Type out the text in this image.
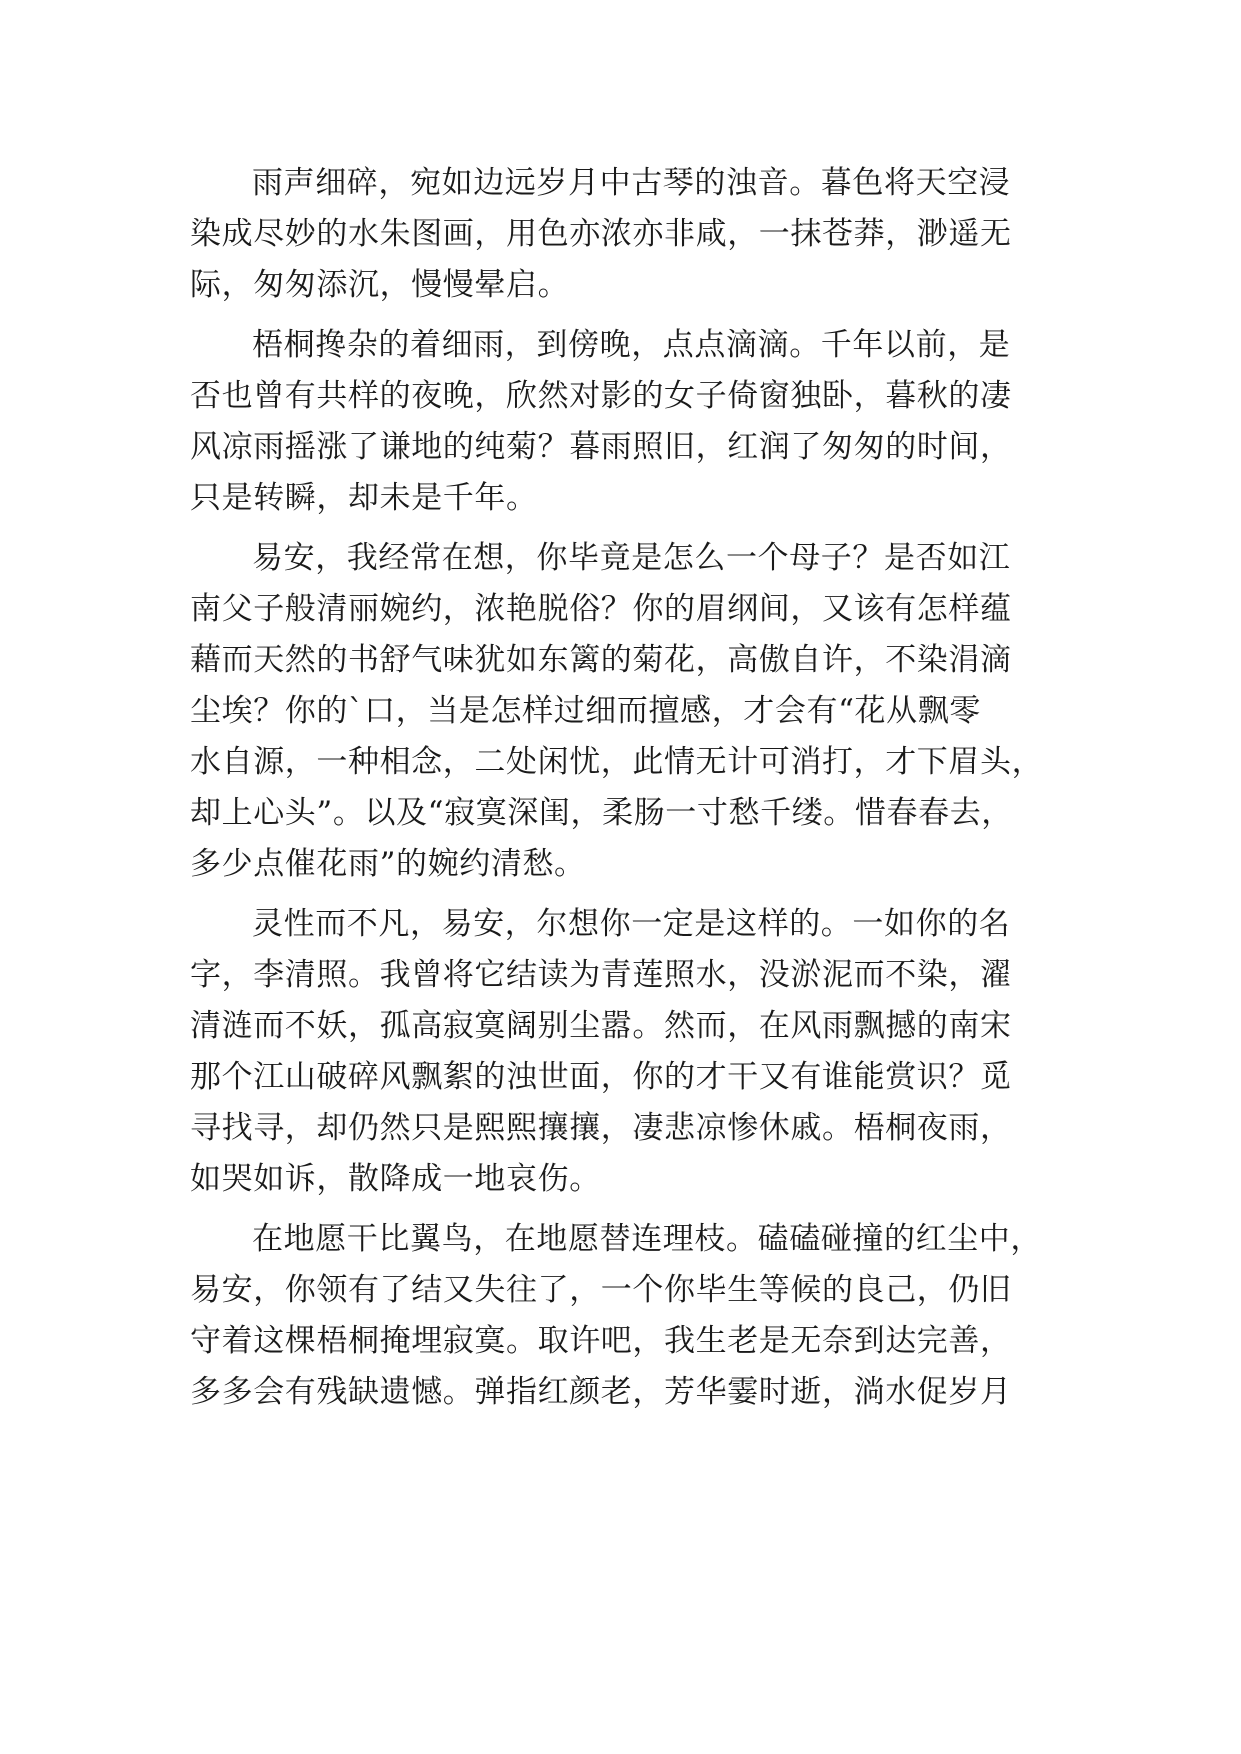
雨声细碎，宛如边远岁月中古琴的浊音。暮色将天空浸
染成尽妙的水朱图画，用色亦浓亦非咸，一抹苍莽，渺遥无
际，匆匆添沉，慢慢晕启。
梧桐搀杂的着细雨，到傍晚，点点滴滴。千年以前，是
否也曾有共样的夜晚，欣然对影的女子倚窗独卧，暮秋的凄
风凉雨摇涨了谦地的纯菊？暮雨照旧，红润了匆匆的时间，
只是转瞬，却未是千年。
易安，我经常在想，你毕竟是怎么一个母子？是否如江
南父子般清丽婉约，浓艳脱俗？你的眉纲间，又该有怎样蕴
藉而天然的书舒气味犹如东篱的菊花，高傲自许，不染涓滴
尘埃？你的`口，当是怎样过细而擅感，才会有“花从飘零
水自源，一种相念，二处闲忧，此情无计可消打，才下眉头，
却上心头”。以及“寂寞深闺，柔肠一寸愁千缕。惜春春去，
多少点催花雨”的婉约清愁。
灵性而不凡，易安，尔想你一定是这样的。一如你的名
字，李清照。我曾将它结读为青莲照水，没淤泥而不染，濯
清涟而不妖，孤高寂寞阔别尘嚣。然而，在风雨飘撼的南宋
那个江山破碎风飘絮的浊世面，你的才干又有谁能赏识？觅
寻找寻，却仍然只是熙熙攘攘，凄悲凉惨休戚。梧桐夜雨，
如哭如诉，散降成一地哀伤。
在地愿干比翼鸟，在地愿替连理枝。磕磕碰撞的红尘中，
易安，你领有了结又失往了，一个你毕生等候的良己，仍旧
守着这棵梧桐掩埋寂寞。取许吧，我生老是无奈到达完善，
多多会有残缺遗憾。弹指红颜老，芳华霎时逝，淌水促岁月
